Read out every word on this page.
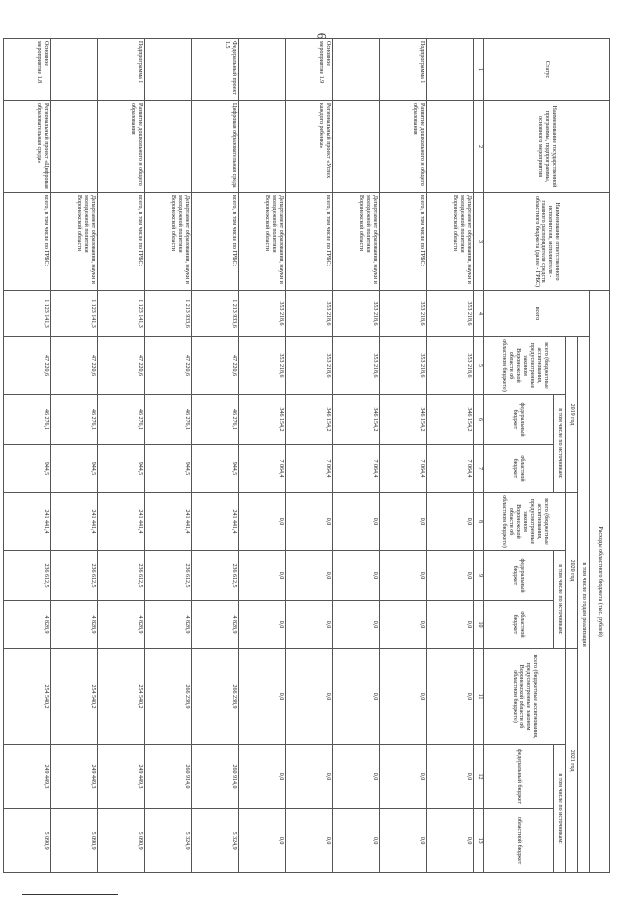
6
Статус	Наименование государственной программы, подпрограммы, основного мероприятия	Наименование ответственного исполнителя, исполнителя - главного распорядителя средств областного бюджета (далее - ГРБС)	Расходы областного бюджета (тыс. рублей)									
			всего	в том числе по годам реализации								
				2019 год			2020 год			2021 год		
				всего (бюджетные ассигнования, предусмотренные законом Воронежской области об областном бюджете)	в том числе по источникам:		всего (бюджетные ассигнования, предусмотренные законом Воронежской области об областном бюджете)	в том числе по источникам:		всего (бюджетные ассигнования, предусмотренные законом Воронежской области об областном бюджете)	в том числе по источникам:	
					федеральный бюджет	областной бюджет		федеральный бюджет	областной бюджет		федеральный бюджет	областной бюджет
1	2	3	4	5	6	7	8	9	10	11	12	13
		Департамент образования, науки и молодежной политики Воронежской области	353 218,6	353 218,6	346 154,2	7 064,4	0,0	0,0	0,0	0,0	0,0	0,0
Подпрограмма 1	Развитие дошкольного и общего образования	всего, в том числе по ГРБС:	353 218,6	353 218,6	346 154,2	7 064,4	0,0	0,0	0,0	0,0	0,0	0,0
		Департамент образования, науки и молодежной политики Воронежской области	353 218,6	353 218,6	346 154,2	7 064,4	0,0	0,0	0,0	0,0	0,0	0,0
Основное мероприятие 1.9	Региональный проект «Успех каждого ребенка»	всего, в том числе по ГРБС:	353 218,6	353 218,6	346 154,2	7 064,4	0,0	0,0	0,0	0,0	0,0	0,0
		Департамент образования, науки и молодежной политики Воронежской области	353 218,6	353 218,6	346 154,2	7 064,4	0,0	0,0	0,0	0,0	0,0	0,0
Федеральный проект 1.5	Цифровая образовательная среда	всего, в том числе по ГРБС:	1 213 933,6	47 220,6	46 276,1	944,5	241 441,4	236 612,5	4 828,9	266 238,9	260 914,0	5 324,9
		Департамент образования, науки и молодежной политики Воронежской области	1 213 933,6	47 220,6	46 276,1	944,5	241 441,4	236 612,5	4 828,9	266 238,9	260 914,0	5 324,9
Подпрограмма 1	Развитие дошкольного и общего образования	всего, в том числе по ГРБС:	1 123 141,3	47 220,6	46 276,1	944,5	241 441,4	236 612,5	4 828,9	254 540,2	249 449,3	5 090,9
		Департамент образования, науки и молодежной политики Воронежской области	1 123 141,3	47 220,6	46 276,1	944,5	241 441,4	236 612,5	4 828,9	254 540,2	249 449,3	5 090,9
Основное мероприятие 1.8	Региональный проект «Цифровая образовательная среда»	всего, в том числе по ГРБС:	1 123 141,3	47 220,6	46 276,1	944,5	241 441,4	236 612,5	4 828,9	254 540,2	249 449,3	5 090,9
